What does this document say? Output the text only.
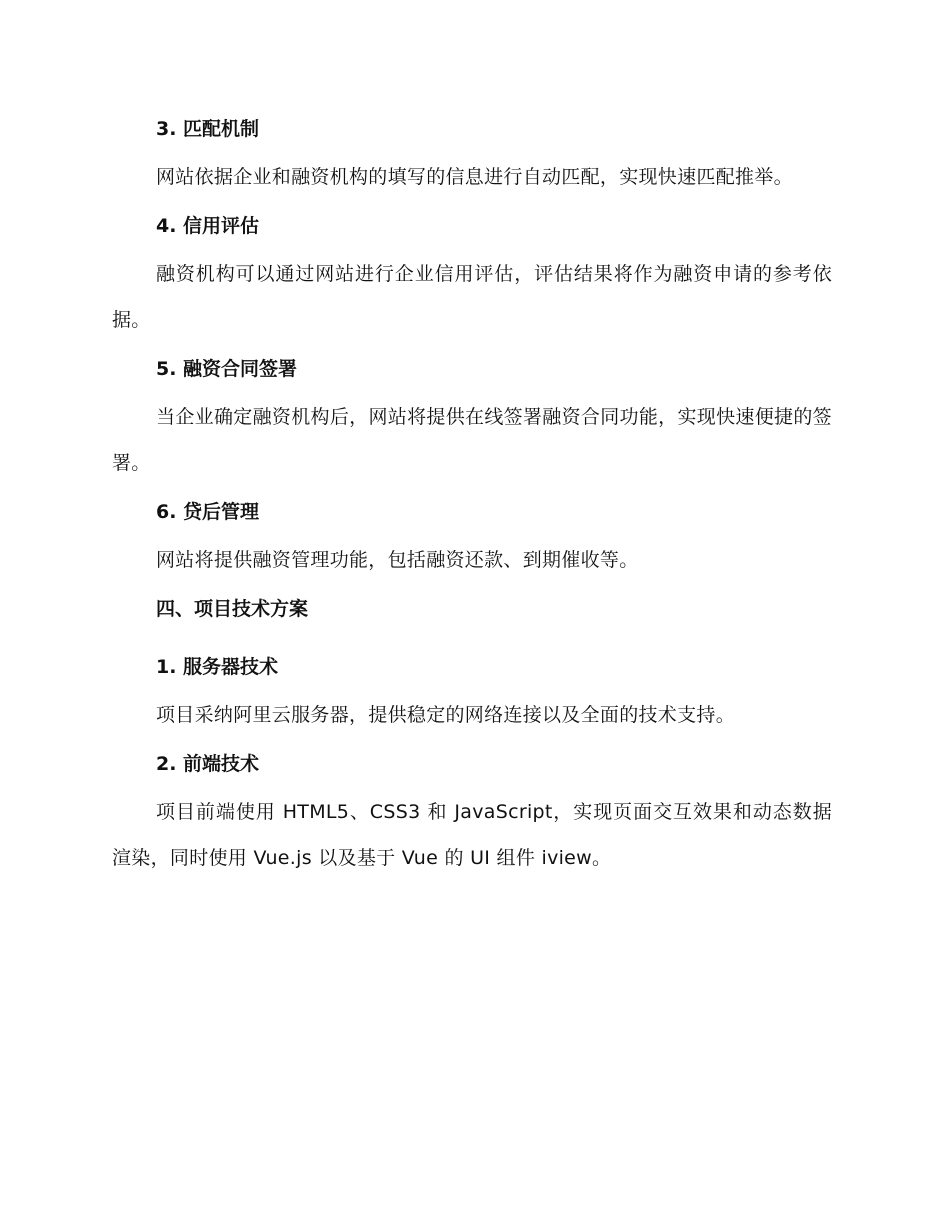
3. 匹配机制

网站依据企业和融资机构的填写的信息进行自动匹配，实现快速匹配推举。

4. 信用评估

融资机构可以通过网站进行企业信用评估，评估结果将作为融资申请的参考依据。

5. 融资合同签署

当企业确定融资机构后，网站将提供在线签署融资合同功能，实现快速便捷的签署。

6. 贷后管理

网站将提供融资管理功能，包括融资还款、到期催收等。

四、项目技术方案
1. 服务器技术

项目采纳阿里云服务器，提供稳定的网络连接以及全面的技术支持。

2. 前端技术

项目前端使用 HTML5、CSS3 和 JavaScript，实现页面交互效果和动态数据渲染，同时使用 Vue.js 以及基于 Vue 的 UI 组件 iview。
